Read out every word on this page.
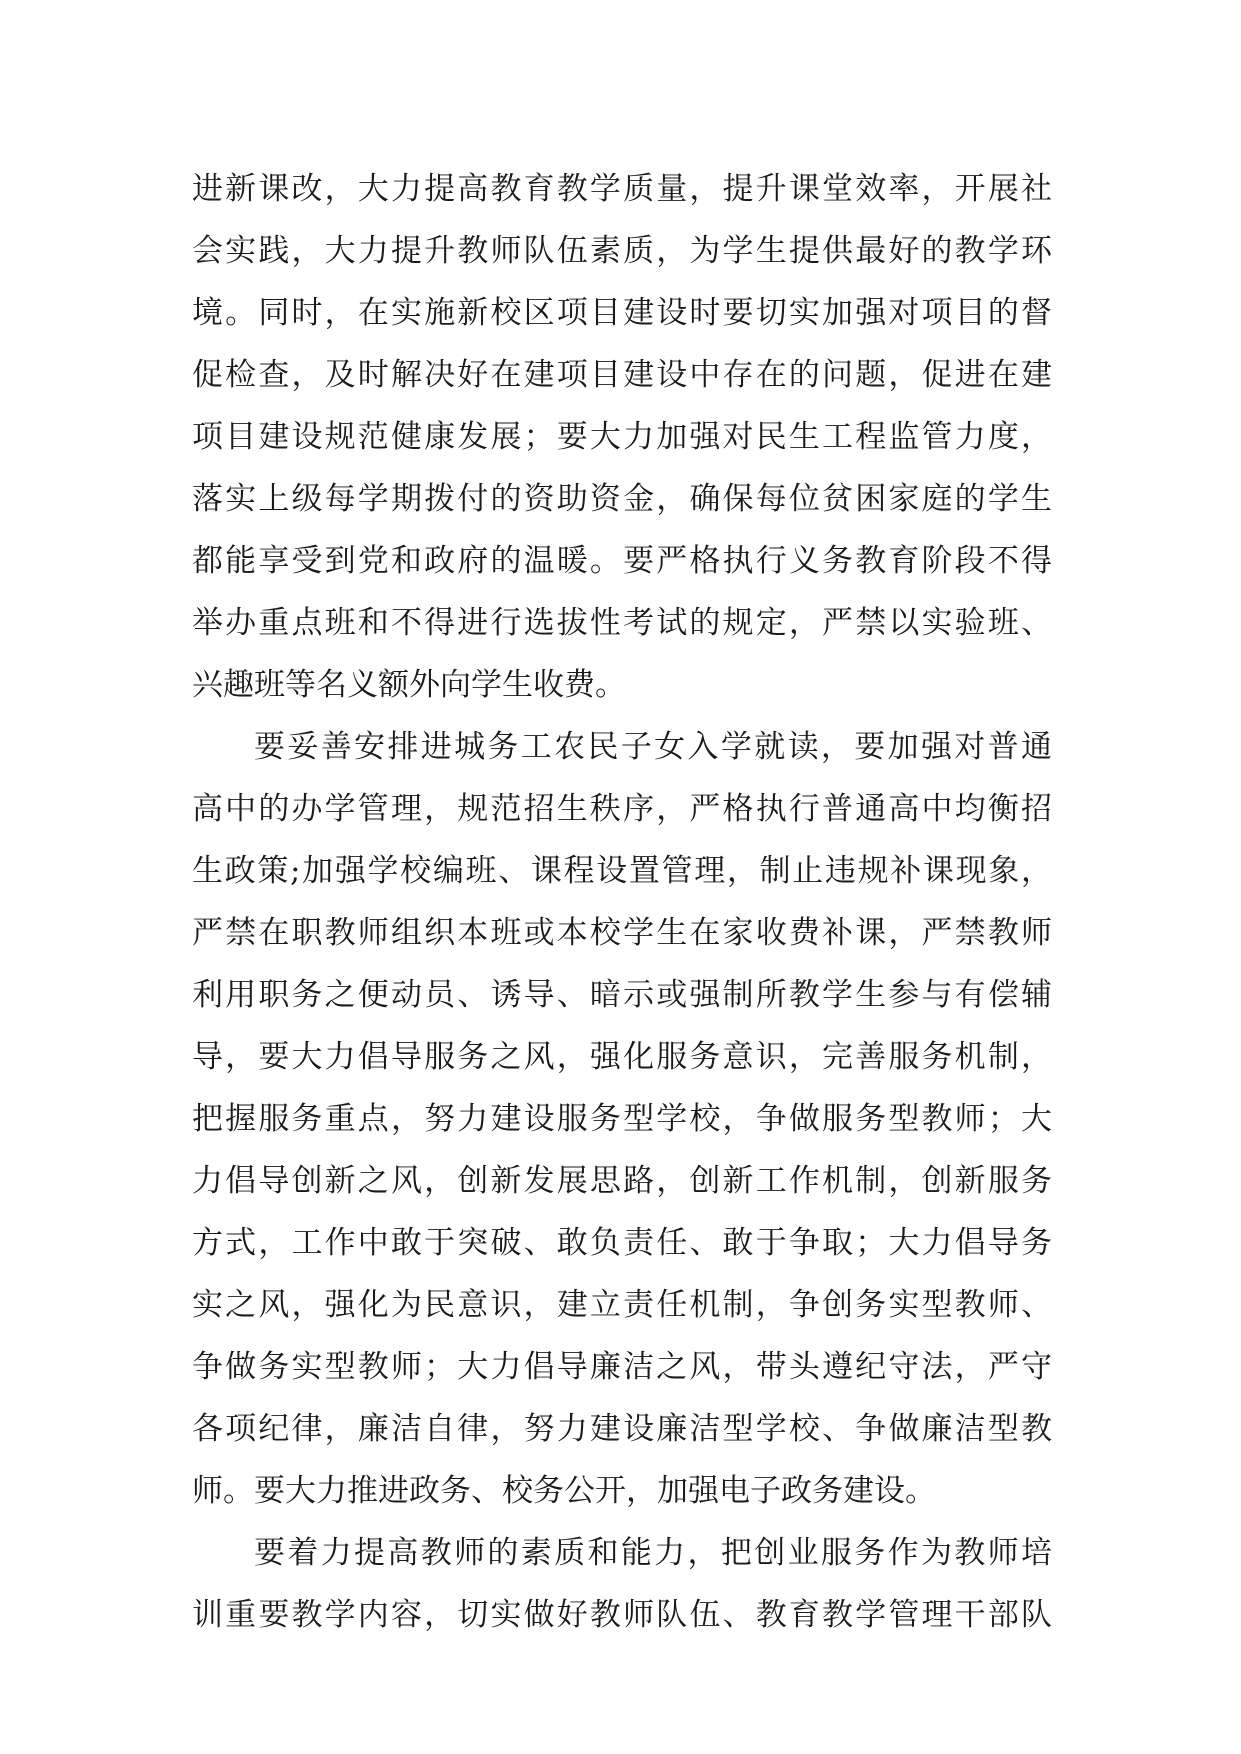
进新课改，大力提高教育教学质量，提升课堂效率，开展社
会实践，大力提升教师队伍素质，为学生提供最好的教学环
境。同时，在实施新校区项目建设时要切实加强对项目的督
促检查，及时解决好在建项目建设中存在的问题，促进在建
项目建设规范健康发展；要大力加强对民生工程监管力度，
落实上级每学期拨付的资助资金，确保每位贫困家庭的学生
都能享受到党和政府的温暖。要严格执行义务教育阶段不得
举办重点班和不得进行选拔性考试的规定，严禁以实验班、
兴趣班等名义额外向学生收费。
要妥善安排进城务工农民子女入学就读，要加强对普通
高中的办学管理，规范招生秩序，严格执行普通高中均衡招
生政策;加强学校编班、课程设置管理，制止违规补课现象，
严禁在职教师组织本班或本校学生在家收费补课，严禁教师
利用职务之便动员、诱导、暗示或强制所教学生参与有偿辅
导，要大力倡导服务之风，强化服务意识，完善服务机制，
把握服务重点，努力建设服务型学校，争做服务型教师；大
力倡导创新之风，创新发展思路，创新工作机制，创新服务
方式，工作中敢于突破、敢负责任、敢于争取；大力倡导务
实之风，强化为民意识，建立责任机制，争创务实型教师、
争做务实型教师；大力倡导廉洁之风，带头遵纪守法，严守
各项纪律，廉洁自律，努力建设廉洁型学校、争做廉洁型教
师。要大力推进政务、校务公开，加强电子政务建设。
要着力提高教师的素质和能力，把创业服务作为教师培
训重要教学内容，切实做好教师队伍、教育教学管理干部队
